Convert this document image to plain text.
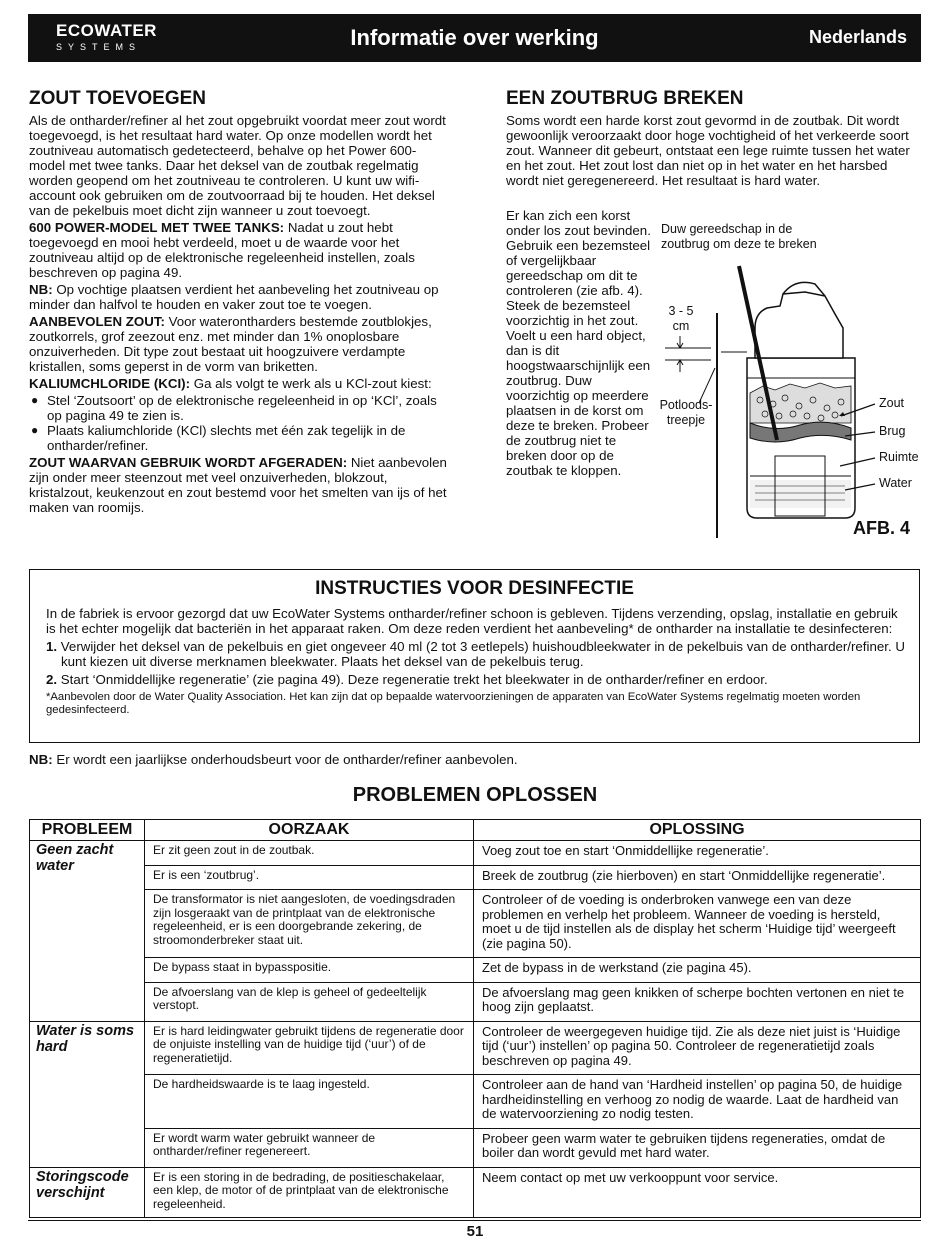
ECOWATER
SYSTEMS	Informatie over werking	Nederlands
ZOUT TOEVOEGEN

Als de ontharder/refiner al het zout opgebruikt voordat meer zout wordt toegevoegd, is het resultaat hard water. Op onze modellen wordt het zoutniveau automatisch gedetecteerd, behalve op het Power 600-model met twee tanks. Daar het deksel van de zoutbak regelmatig worden geopend om het zoutniveau te controleren. U kunt uw wifi-account ook gebruiken om de zoutvoorraad bij te houden. Het deksel van de pekelbuis moet dicht zijn wanneer u zout toevoegt.

600 POWER-MODEL MET TWEE TANKS: Nadat u zout hebt toegevoegd en mooi hebt verdeeld, moet u de waarde voor het zoutniveau altijd op de elektronische regeleenheid instellen, zoals beschreven op pagina 49.

NB: Op vochtige plaatsen verdient het aanbeveling het zoutniveau op minder dan halfvol te houden en vaker zout toe te voegen.

AANBEVOLEN ZOUT: Voor waterontharders bestemde zoutblokjes, zoutkorrels, grof zeezout enz. met minder dan 1% onoplosbare onzuiverheden. Dit type zout bestaat uit hoogzuivere verdampte kristallen, soms geperst in de vorm van briketten.

KALIUMCHLORIDE (KCI): Ga als volgt te werk als u KCl-zout kiest:

● Stel ‘Zoutsoort’ op de elektronische regeleenheid in op ‘KCl’, zoals op pagina 49 te zien is.
● Plaats kaliumchloride (KCl) slechts met één zak tegelijk in de ontharder/refiner.

ZOUT WAARVAN GEBRUIK WORDT AFGERADEN: Niet aanbevolen zijn onder meer steenzout met veel onzuiverheden, blokzout, kristalzout, keukenzout en zout bestemd voor het smelten van ijs of het maken van roomijs.

EEN ZOUTBRUG BREKEN

Soms wordt een harde korst zout gevormd in de zoutbak. Dit wordt gewoonlijk veroorzaakt door hoge vochtigheid of het verkeerde soort zout. Wanneer dit gebeurt, ontstaat een lege ruimte tussen het water en het zout. Het zout lost dan niet op in het water en het harsbed wordt niet geregenereerd. Het resultaat is hard water.

Er kan zich een korst onder los zout bevinden. Gebruik een bezemsteel of vergelijkbaar gereedschap om dit te controleren (zie afb. 4). Steek de bezemsteel voorzichtig in het zout. Voelt u een hard object, dan is dit hoogstwaarschijnlijk een zoutbrug. Duw voorzichtig op meerdere plaatsen in de korst om deze te breken. Probeer de zoutbrug niet te breken door op de zoutbak te kloppen.

Duw gereedschap in de zoutbrug om deze te breken
3 - 5 cm
Potloods- treepje
Zout
Brug
Ruimte
Water
AFB. 4
INSTRUCTIES VOOR DESINFECTIE

In de fabriek is ervoor gezorgd dat uw EcoWater Systems ontharder/refiner schoon is gebleven. Tijdens verzending, opslag, installatie en gebruik is het echter mogelijk dat bacteriën in het apparaat raken. Om deze reden verdient het aanbeveling* de ontharder na installatie te desinfecteren:

1. Verwijder het deksel van de pekelbuis en giet ongeveer 40 ml (2 tot 3 eetlepels) huishoudbleekwater in de pekelbuis van de ontharder/refiner. U kunt kiezen uit diverse merknamen bleekwater. Plaats het deksel van de pekelbuis terug.

2. Start ‘Onmiddellijke regeneratie’ (zie pagina 49). Deze regeneratie trekt het bleekwater in de ontharder/refiner en erdoor.

*Aanbevolen door de Water Quality Association. Het kan zijn dat op bepaalde watervoorzieningen de apparaten van EcoWater Systems regelmatig moeten worden gedesinfecteerd.

NB: Er wordt een jaarlijkse onderhoudsbeurt voor de ontharder/refiner aanbevolen.
PROBLEMEN OPLOSSEN
PROBLEEM	OORZAAK	OPLOSSING
Geen zacht water	Er zit geen zout in de zoutbak.	Voeg zout toe en start ‘Onmiddellijke regeneratie’.
	Er is een ‘zoutbrug’.	Breek de zoutbrug (zie hierboven) en start ‘Onmiddellijke regeneratie’.
	De transformator is niet aangesloten, de voedingsdraden zijn losgeraakt van de printplaat van de elektronische regeleenheid, er is een doorgebrande zekering, de stroomonderbreker staat uit.	Controleer of de voeding is onderbroken vanwege een van deze problemen en verhelp het probleem. Wanneer de voeding is hersteld, moet u de tijd instellen als de display het scherm ‘Huidige tijd’ weergeeft (zie pagina 50).
	De bypass staat in bypasspositie.	Zet de bypass in de werkstand (zie pagina 45).
	De afvoerslang van de klep is geheel of gedeeltelijk verstopt.	De afvoerslang mag geen knikken of scherpe bochten vertonen en niet te hoog zijn geplaatst.
Water is soms hard	Er is hard leidingwater gebruikt tijdens de regeneratie door de onjuiste instelling van de huidige tijd (‘uur’) of de regeneratietijd.	Controleer de weergegeven huidige tijd. Zie als deze niet juist is ‘Huidige tijd (‘uur’) instellen’ op pagina 50. Controleer de regeneratietijd zoals beschreven op pagina 49.
	De hardheidswaarde is te laag ingesteld.	Controleer aan de hand van ‘Hardheid instellen’ op pagina 50, de huidige hardheidinstelling en verhoog zo nodig de waarde. Laat de hardheid van de watervoorziening zo nodig testen.
	Er wordt warm water gebruikt wanneer de ontharder/refiner regenereert.	Probeer geen warm water te gebruiken tijdens regeneraties, omdat de boiler dan wordt gevuld met hard water.
Storingscode verschijnt	Er is een storing in de bedrading, de positieschakelaar, een klep, de motor of de printplaat van de elektronische regeleenheid.	Neem contact op met uw verkooppunt voor service.
51
